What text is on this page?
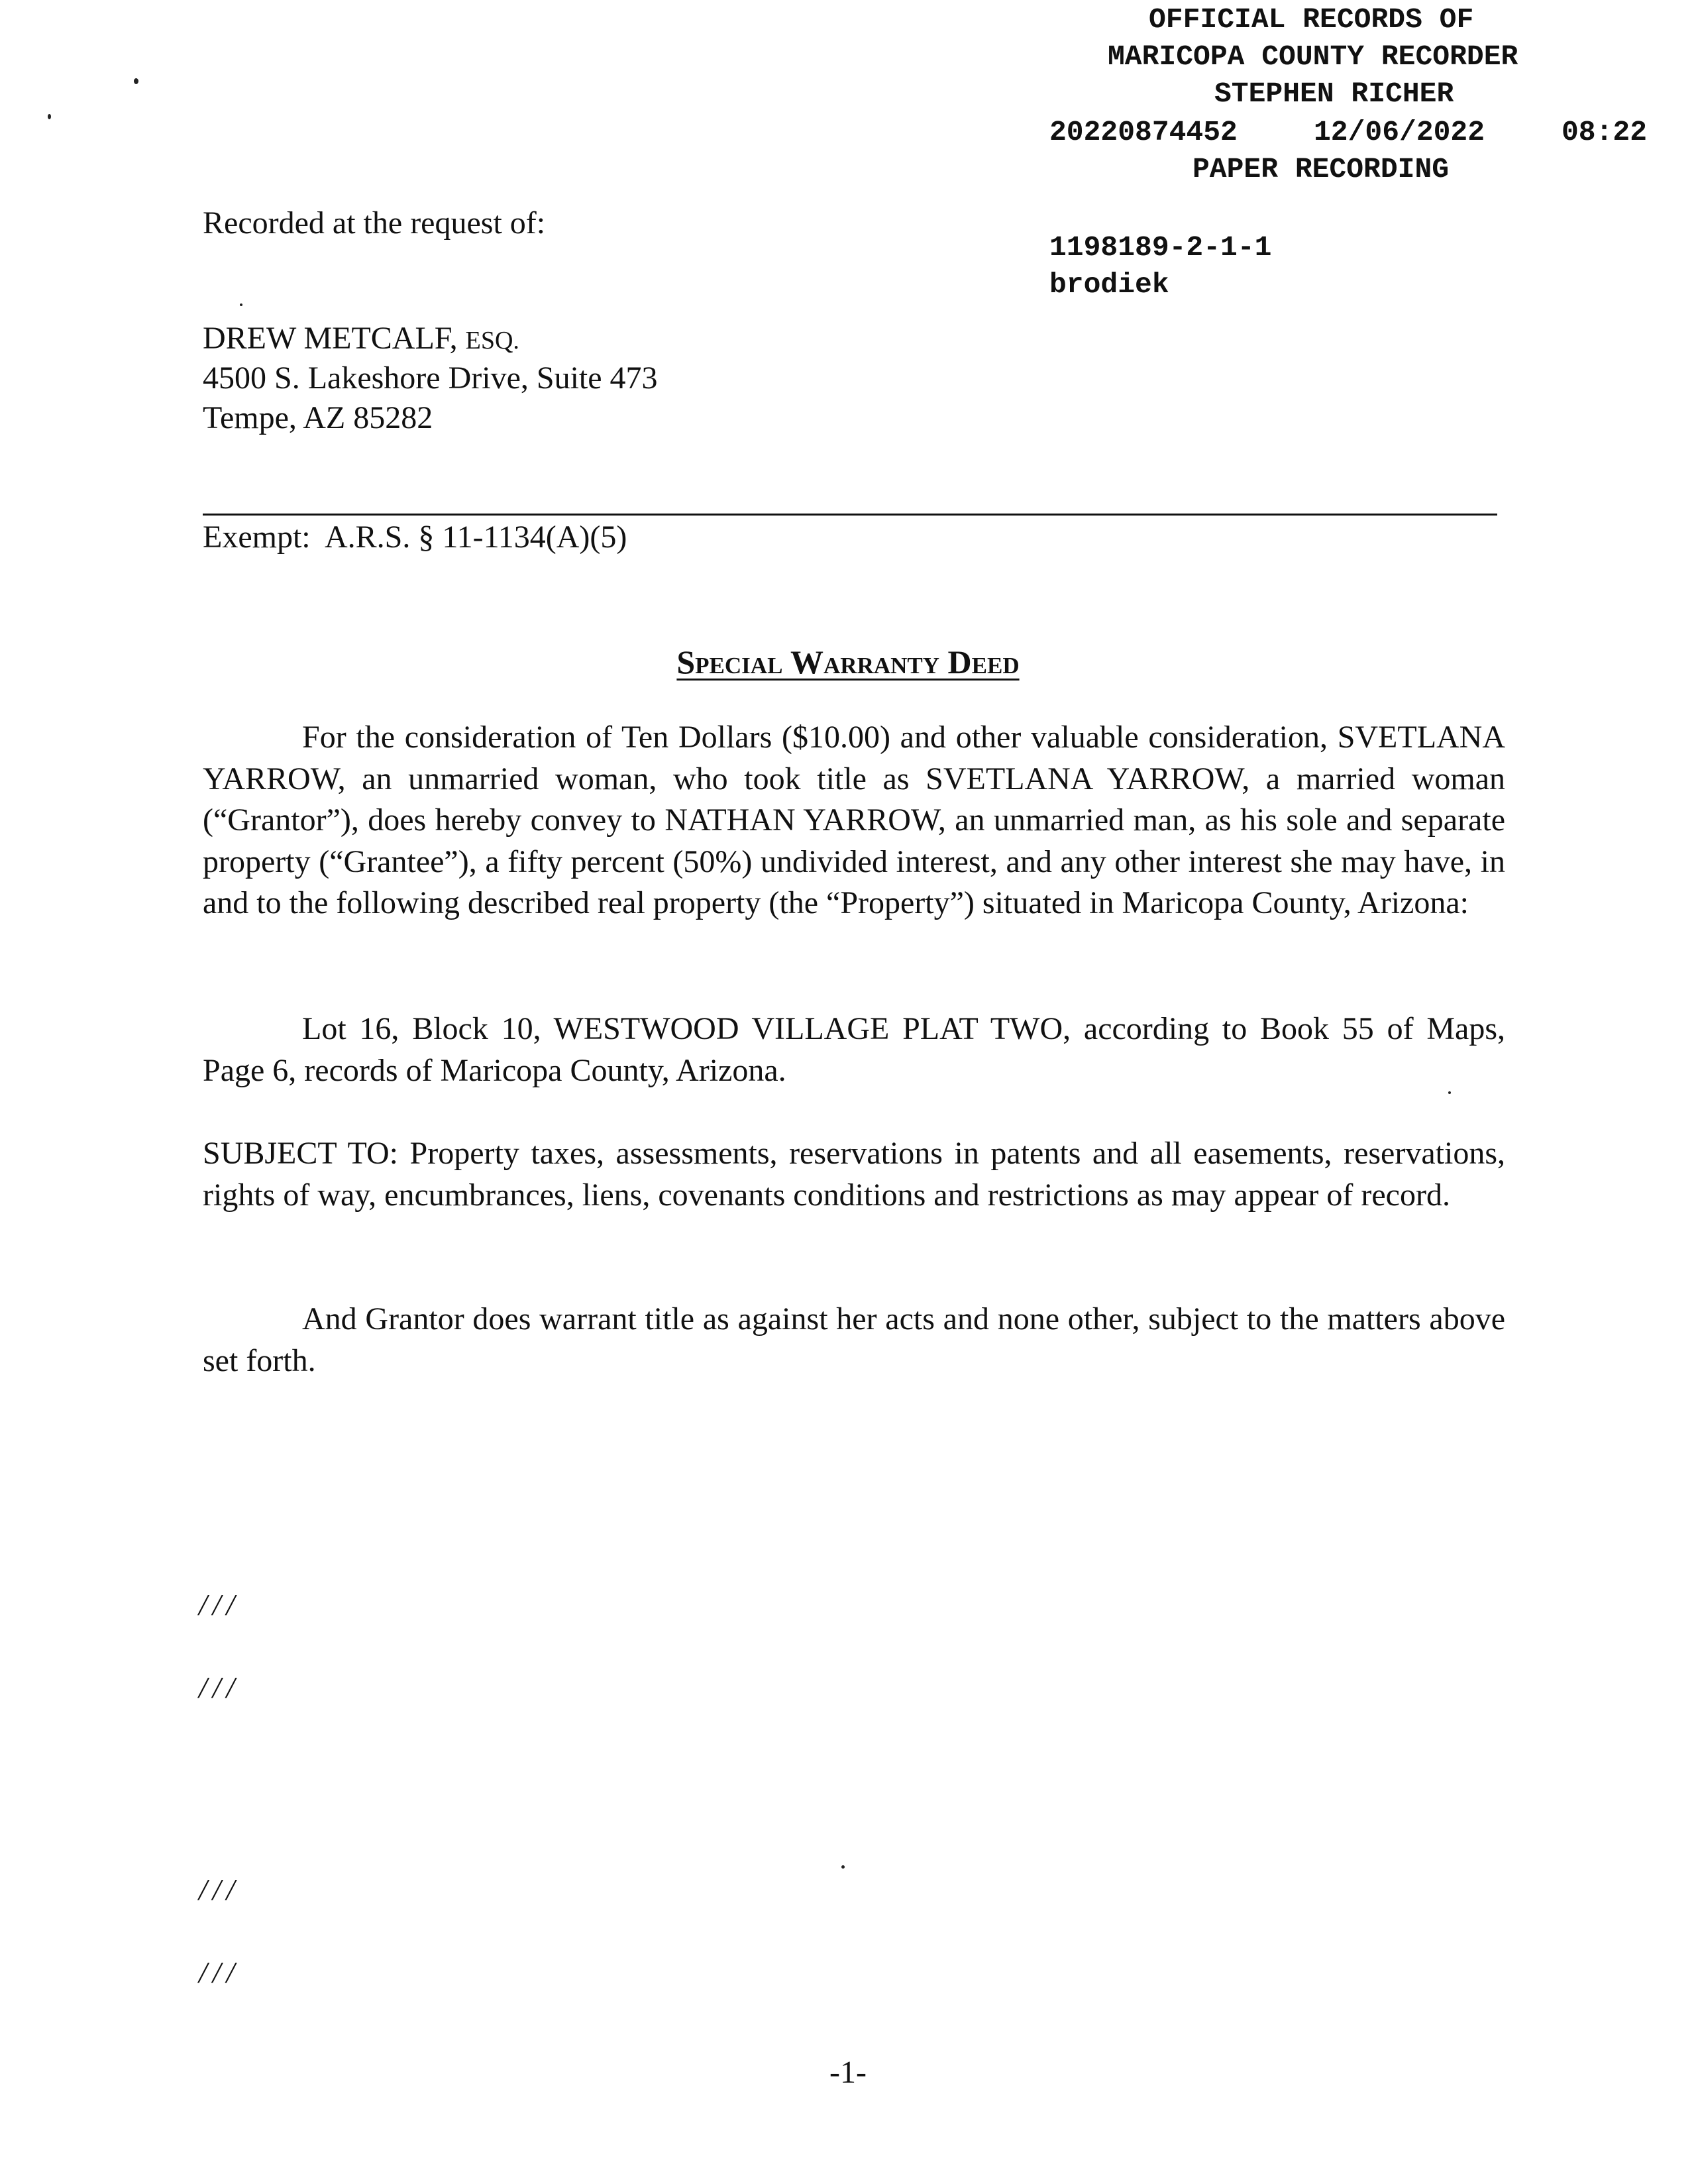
OFFICIAL RECORDS OF

MARICOPA COUNTY RECORDER

STEPHEN RICHER

20220874452

	12/06/2022

	08:22

PAPER RECORDING

1198189-2-1-1

brodiek

Recorded at the request of:
DREW METCALF, ESQ.
4500 S. Lakeshore Drive, Suite 473
Tempe, AZ 85282
Exempt:  A.R.S. § 11-1134(A)(5)
Special Warranty Deed
For the consideration of Ten Dollars ($10.00) and other valuable consideration, SVETLANA YARROW, an unmarried woman, who took title as SVETLANA YARROW, a married woman (“Grantor”), does hereby convey to NATHAN YARROW, an unmarried man, as his sole and separate property (“Grantee”), a fifty percent (50%) undivided interest, and any other interest she may have, in and to the following described real property (the “Property”) situated in Maricopa County, Arizona:
Lot 16, Block 10, WESTWOOD VILLAGE PLAT TWO, according to Book 55 of Maps, Page 6, records of Maricopa County, Arizona.
SUBJECT TO: Property taxes, assessments, reservations in patents and all easements, reservations, rights of way, encumbrances, liens, covenants conditions and restrictions as may appear of record.
And Grantor does warrant title as against her acts and none other, subject to the matters above set forth.
///
///
///
///
-1-
